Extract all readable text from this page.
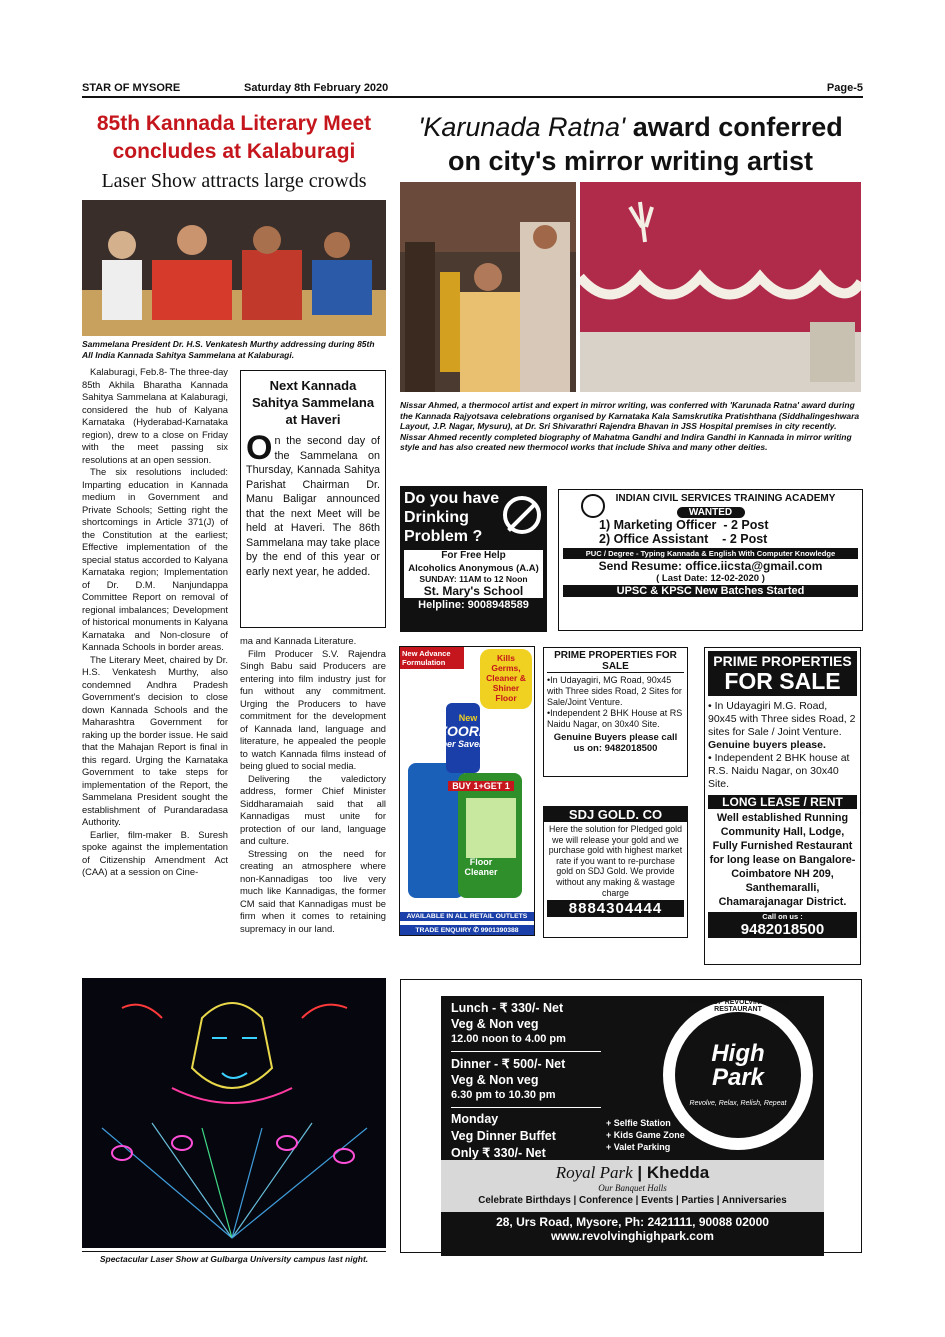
STAR OF MYSORE	Saturday 8th February 2020	Page-5
85th Kannada Literary Meet
concludes at Kalaburagi
Laser Show attracts large crowds
Sammelana President Dr. H.S. Venkatesh Murthy addressing during 85th All India Kannada Sahitya Sammelana at Kalaburagi.

Kalaburagi, Feb.8- The three-day 85th Akhila Bharatha Kannada Sahitya Sammelana at Kalaburagi, considered the hub of Kalyana Karnataka (Hyderabad-Karnataka region), drew to a close on Friday with the meet passing six resolutions at an open session.

The six resolutions included: Imparting education in Kannada medium in Government and Private Schools; Setting right the shortcomings in Article 371(J) of the Constitution at the earliest; Effective implementation of the special status accorded to Kalyana Karnataka region; Implementation of Dr. D.M. Nanjundappa Committee Report on removal of regional imbalances; Development of historical monuments in Kalyana Karnataka and Non-closure of Kannada Schools in border areas.

The Literary Meet, chaired by Dr. H.S. Venkatesh Murthy, also condemned Andhra Pradesh Government's decision to close down Kannada Schools and the Maharashtra Government for raking up the border issue. He said that the Mahajan Report is final in this regard. Urging the Karnataka Government to take steps for implementation of the Report, the Sammelana President sought the establishment of Purandaradasa Authority.

Earlier, film-maker B. Suresh spoke against the implementation of Citizenship Amendment Act (CAA) at a session on Cine-

Next Kannada Sahitya Sammelana at Haveri
On the second day of the Sammelana on Thursday, Kannada Sahitya Parishat Chairman Dr. Manu Baligar announced that the next Meet will be held at Haveri. The 86th Sammelana may take place by the end of this year or early next year, he added.

ma and Kannada Literature.

Film Producer S.V. Rajendra Singh Babu said Producers are entering into film industry just for fun without any commitment. Urging the Producers to have commitment for the development of Kannada land, language and literature, he appealed the people to watch Kannada films instead of being glued to social media.

Delivering the valedictory address, former Chief Minister Siddharamaiah said that all Kannadigas must unite for protection of our land, language and culture.

Stressing on the need for creating an atmosphere where non-Kannadigas too live very much like Kannadigas, the former CM said that Kannadigas must be firm when it comes to retaining supremacy in our land.

Spectacular Laser Show at Gulbarga University campus last night.
'Karunada Ratna' award conferred
on city's mirror writing artist
Nissar Ahmed, a thermocol artist and expert in mirror writing, was conferred with 'Karunada Ratna' award during the Kannada Rajyotsava celebrations organised by Karnataka Kala Samskrutika Pratishthana (Siddhalingeshwara Layout, J.P. Nagar, Mysuru), at Dr. Sri Shivarathri Rajendra Bhavan in JSS Hospital premises in city recently. Nissar Ahmed recently completed biography of Mahatma Gandhi and Indira Gandhi in Kannada in mirror writing style and has also created new thermocol works that include Shiva and many other deities.
Do you have
Drinking
Problem ?
For Free Help
Alcoholics Anonymous (A.A)
SUNDAY: 11AM to 12 Noon
St. Mary's School
Helpline: 9008948589
INDIAN CIVIL SERVICES TRAINING ACADEMY
WANTED
1) Marketing Officer  - 2 Post
2) Office Assistant    - 2 Post
PUC / Degree - Typing Kannada & English With Computer Knowledge
Send Resume: office.iicsta@gmail.com
( Last Date: 12-02-2020 )
UPSC & KPSC New Batches Started
New Advance Formulation	Kills Germs, Cleaner & Shiner Floor
New
ZOOREX
Super Saver Pack
BUY 1+GET 1
Floor Cleaner
AVAILABLE IN ALL RETAIL OUTLETS
TRADE ENQUIRY ✆ 9901390388
PRIME PROPERTIES FOR SALE
•In Udayagiri, MG Road, 90x45 with Three sides Road, 2 Sites for Sale/Joint Venture.
•Independent 2 BHK House at RS Naidu Nagar, on 30x40 Site.
Genuine Buyers please call us on: 9482018500
SDJ GOLD. CO
Here the solution for Pledged gold we will release your gold and we purchase gold with highest market rate if you want to re-purchase gold on SDJ Gold. We provide without any making & wastage charge
8884304444
PRIME PROPERTIES
FOR SALE
• In Udayagiri M.G. Road, 90x45 with Three sides Road, 2 sites for Sale / Joint Venture. Genuine buyers please.
• Independent 2 BHK house at R.S. Naidu Nagar, on 30x40 Site.
LONG LEASE / RENT
Well established Running Community Hall, Lodge, Fully Furnished Restaurant for long lease on Bangalore-Coimbatore NH 209, Santhemaralli, Chamarajanagar District.
Call on us :
9482018500
Lunch - ₹ 330/- Net
Veg & Non veg
12.00 noon to 4.00 pm
Dinner - ₹ 500/- Net
Veg & Non veg
6.30 pm to 10.30 pm
Monday
Veg Dinner Buffet
Only ₹ 330/- Net
+ Selfie Station
+ Kids Game Zone
+ Valet Parking
ROOF TOP REVOLVING BAR & RESTAURANT
High
Park
Revolve, Relax, Relish, Repeat
Royal Park | Khedda
Our Banquet Halls
Celebrate Birthdays | Conference | Events | Parties | Anniversaries
28, Urs Road, Mysore, Ph: 2421111, 90088 02000
www.revolvinghighpark.com
